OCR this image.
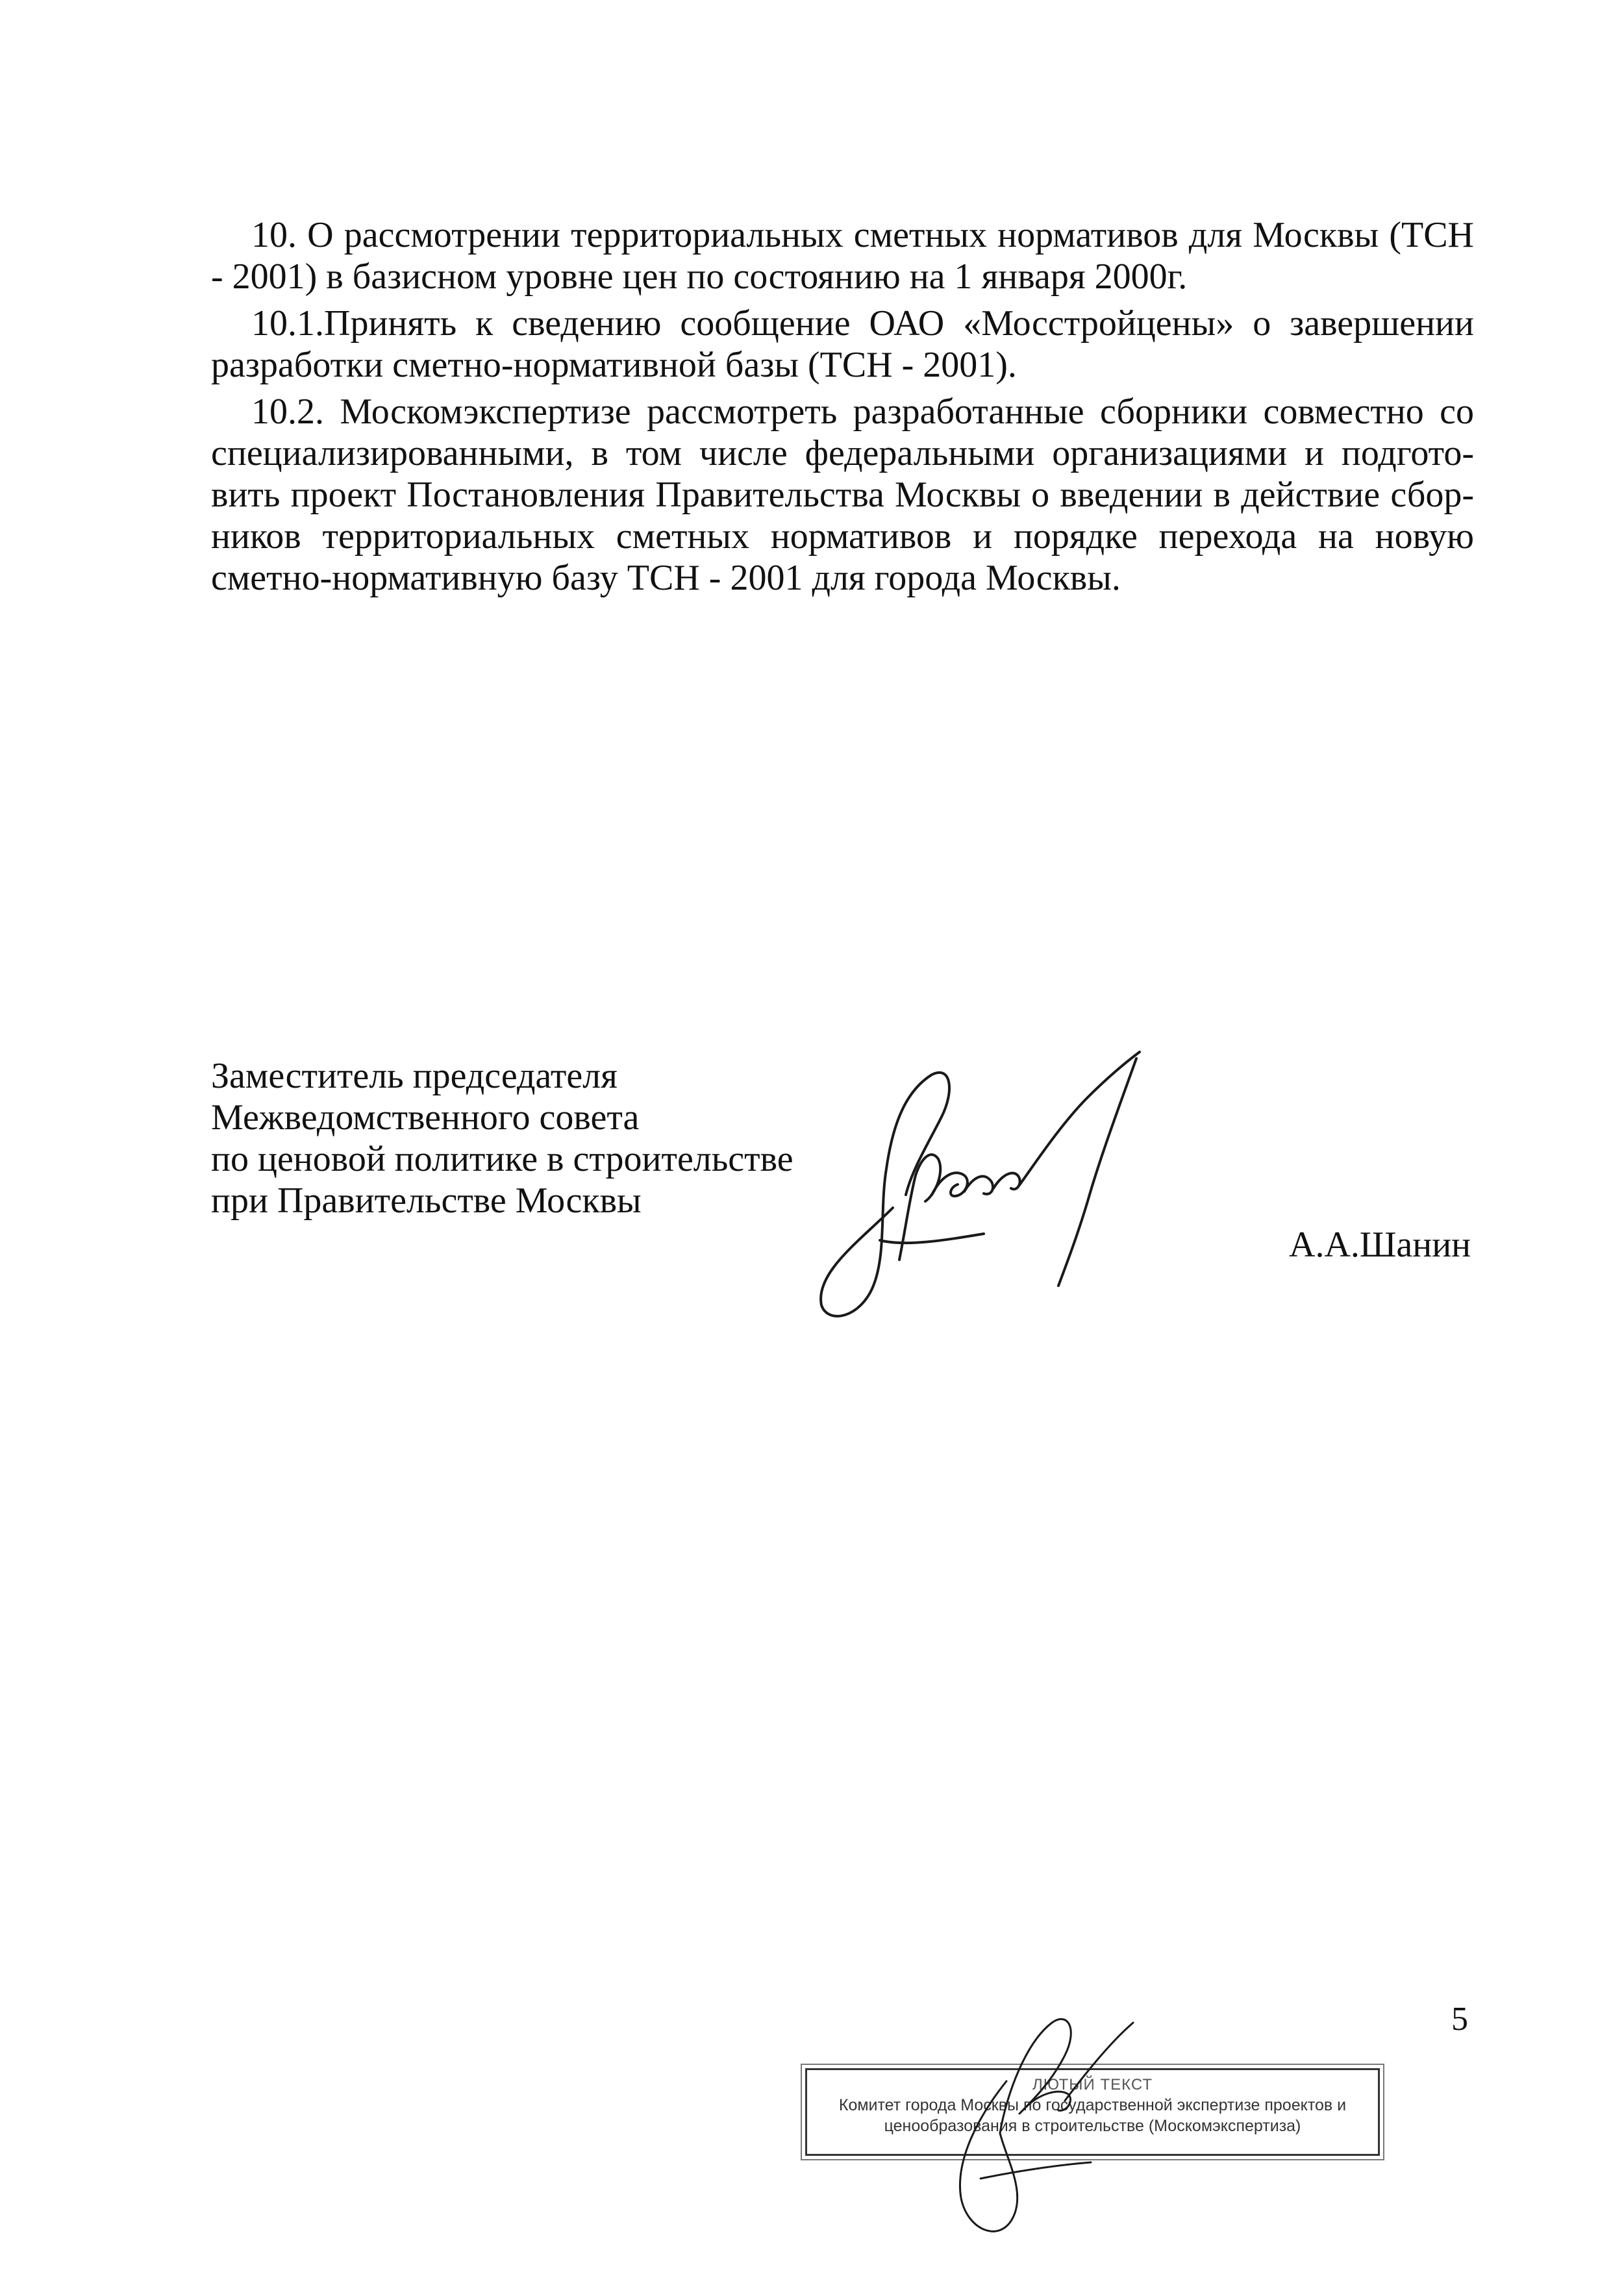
10. О рассмотрении территориальных сметных нормативов для Москвы (ТСН - 2001) в базисном уровне цен по состоянию на 1 января 2000г.

10.1.Принять к сведению сообщение ОАО «Мосстройцены» о завершении разработки сметно-нормативной базы (ТСН - 2001).

10.2. Москомэкспертизе рассмотреть разработанные сборники совместно со специализированными, в том числе федеральными организациями и подгото-вить проект Постановления Правительства Москвы о введении в действие сбор-ников территориальных сметных нормативов и порядке перехода на новую сметно-нормативную базу ТСН - 2001 для города Москвы.

Заместитель председателя
Межведомственного совета
по ценовой политике в строительстве
при Правительстве Москвы
А.А.Шанин
5
ЛЮТЫЙ ТЕКСТ
Комитет города Москвы по государственной экспертизе проектов и
ценообразования в строительстве (Москомэкспертиза)
